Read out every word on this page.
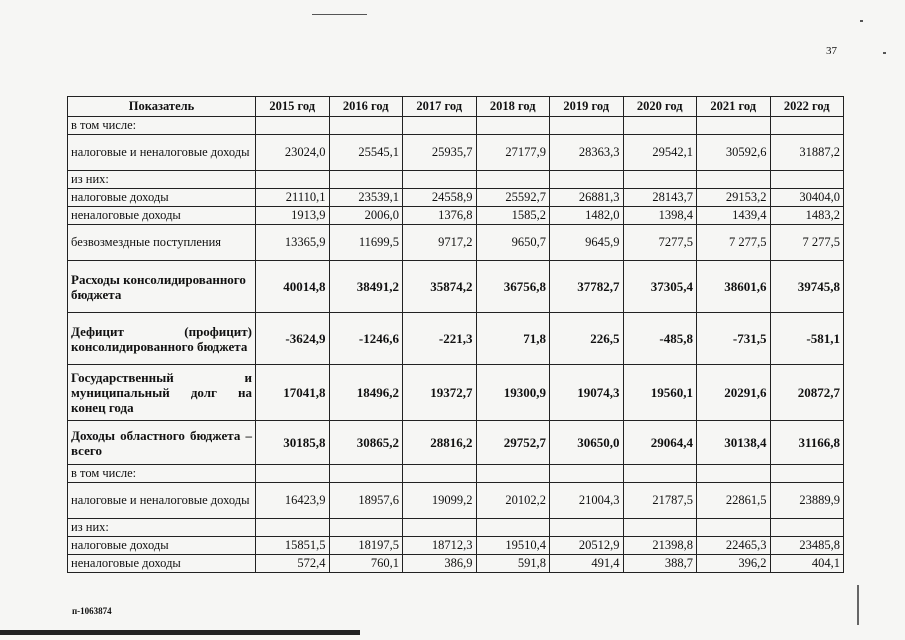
37
Показатель	2015 год	2016 год	2017 год	2018 год	2019 год	2020 год	2021 год	2022 год
в том числе:								
налоговые и неналоговые доходы	23024,0	25545,1	25935,7	27177,9	28363,3	29542,1	30592,6	31887,2
из них:								
налоговые доходы	21110,1	23539,1	24558,9	25592,7	26881,3	28143,7	29153,2	30404,0
неналоговые доходы	1913,9	2006,0	1376,8	1585,2	1482,0	1398,4	1439,4	1483,2
безвозмездные поступления	13365,9	11699,5	9717,2	9650,7	9645,9	7277,5	7 277,5	7 277,5
Расходы консолидированного бюджета	40014,8	38491,2	35874,2	36756,8	37782,7	37305,4	38601,6	39745,8
Дефицит (профицит) консолидированного бюджета	-3624,9	-1246,6	-221,3	71,8	226,5	-485,8	-731,5	-581,1
Государственный и муниципальный долг на конец года	17041,8	18496,2	19372,7	19300,9	19074,3	19560,1	20291,6	20872,7
Доходы областного бюджета – всего	30185,8	30865,2	28816,2	29752,7	30650,0	29064,4	30138,4	31166,8
в том числе:								
налоговые и неналоговые доходы	16423,9	18957,6	19099,2	20102,2	21004,3	21787,5	22861,5	23889,9
из них:								
налоговые доходы	15851,5	18197,5	18712,3	19510,4	20512,9	21398,8	22465,3	23485,8
неналоговые доходы	572,4	760,1	386,9	591,8	491,4	388,7	396,2	404,1
п-1063874
